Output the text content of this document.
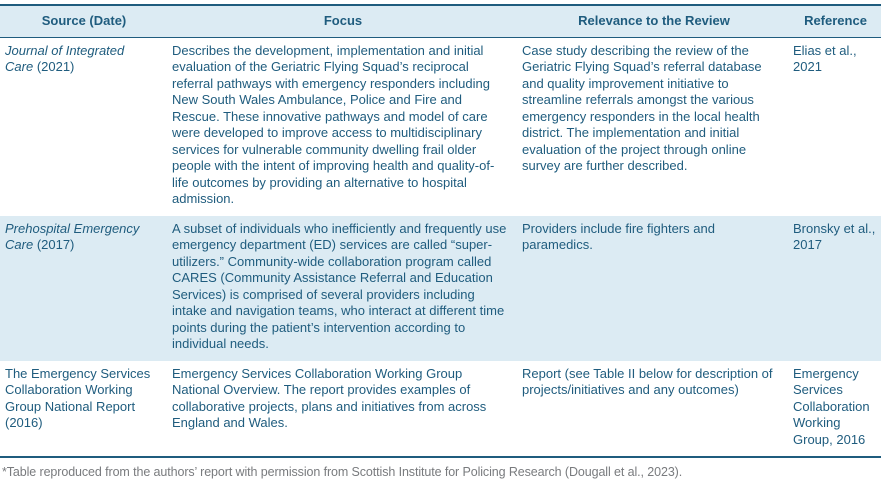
Source (Date)	Focus	Relevance to the Review	Reference
Journal of Integrated Care (2021)	Describes the development, implementation and initial evaluation of the Geriatric Flying Squad’s reciprocal referral pathways with emergency responders including New South Wales Ambulance, Police and Fire and Rescue. These innovative pathways and model of care were developed to improve access to multidisciplinary services for vulnerable community dwelling frail older people with the intent of improving health and quality-of-life outcomes by providing an alternative to hospital admission.	Case study describing the review of the Geriatric Flying Squad’s referral database and quality improvement initiative to streamline referrals amongst the various emergency responders in the local health district. The implementation and initial evaluation of the project through online survey are further described.	Elias et al., 2021
Prehospital Emergency Care (2017)	A subset of individuals who inefficiently and frequently use emergency department (ED) services are called “super-utilizers.” Community-wide collaboration program called CARES (Community Assistance Referral and Education Services) is comprised of several providers including intake and navigation teams, who interact at different time points during the patient’s intervention according to individual needs.	Providers include fire fighters and paramedics.	Bronsky et al., 2017
The Emergency Services Collaboration Working Group National Report (2016)	Emergency Services Collaboration Working Group National Overview. The report provides examples of collaborative projects, plans and initiatives from across England and Wales.	Report (see Table II below for description of projects/initiatives and any outcomes)	Emergency Services Collaboration Working Group, 2016
*Table reproduced from the authors’ report with permission from Scottish Institute for Policing Research (Dougall et al., 2023).
